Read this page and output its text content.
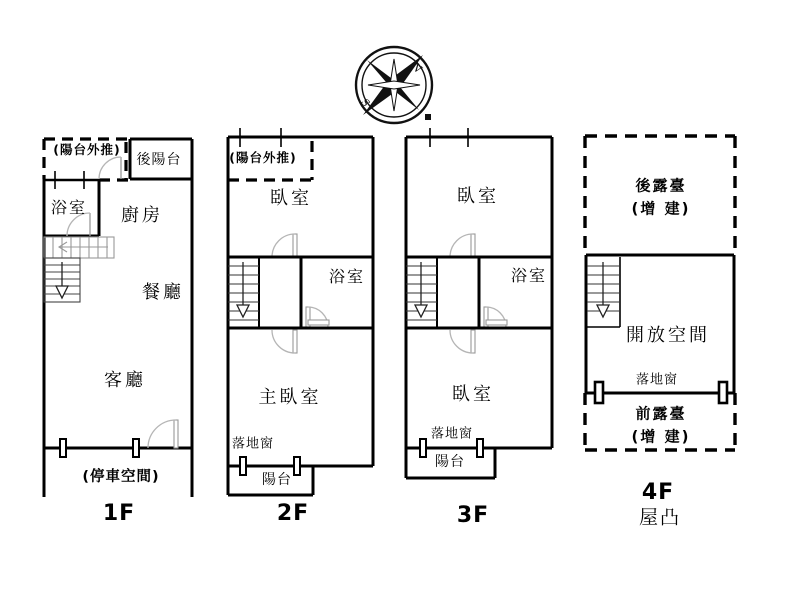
N
S
(陽台外推)
後陽台
浴室 廚房
餐廳
客廳
(停車空間)
1F
(陽台外推)
臥室
浴室
主臥室
落地窗
陽台
2F
臥室
浴室
臥室
落地窗
陽台
3F
後露臺
(增 建)
開放空間
落地窗
前露臺
(增 建)
4F
屋凸
